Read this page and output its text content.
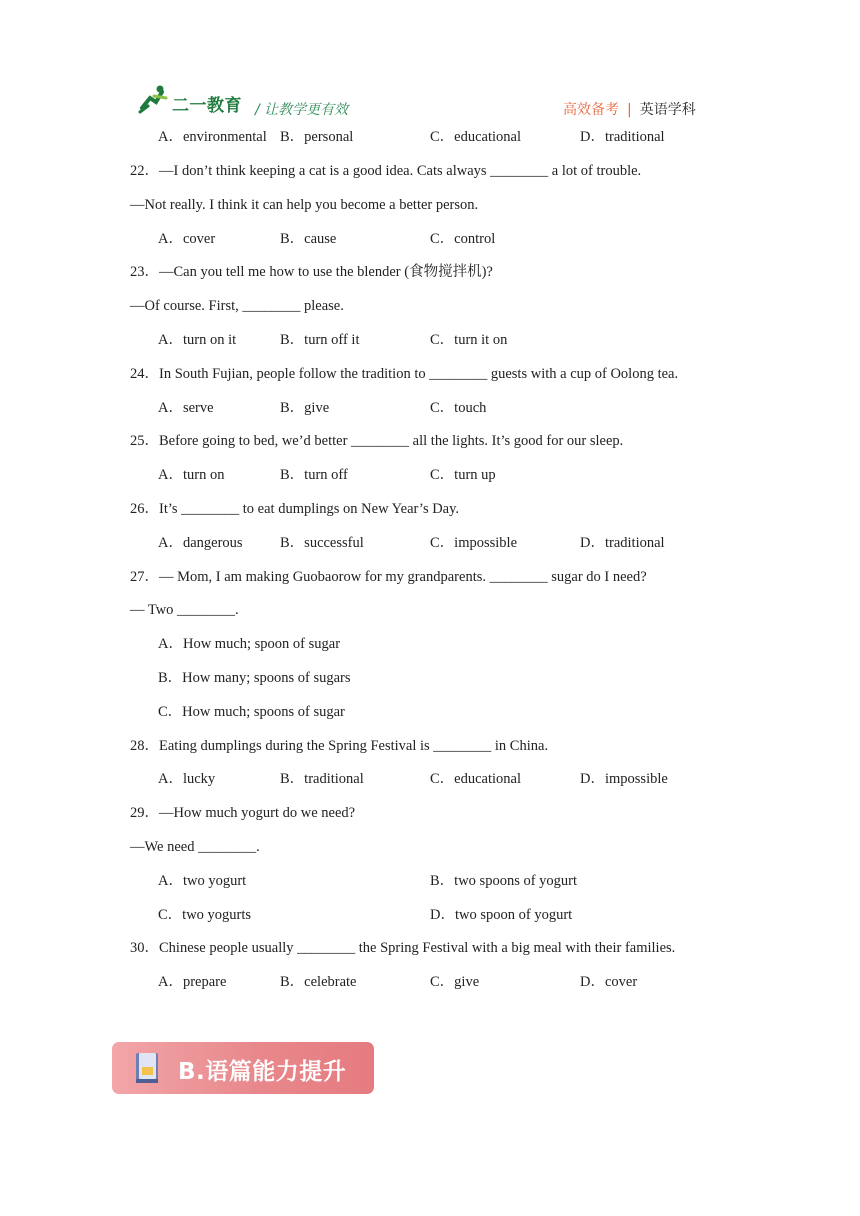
二一教育 / 让教学更有效	高效备考 | 英语学科
A．environmental B．personal	C．educational	D．traditional
22．—I don’t think keeping a cat is a good idea. Cats always ________ a lot of trouble.
—Not really. I think it can help you become a better person.
A．cover	B．cause	C．control
23．—Can you tell me how to use the blender (食物搅拌机)?
—Of course. First, ________ please.
A．turn on it	B．turn off it	C．turn it on
24．In South Fujian, people follow the tradition to ________ guests with a cup of Oolong tea.
A．serve	B．give	C．touch
25．Before going to bed, we’d better ________ all the lights. It’s good for our sleep.
A．turn on	B．turn off	C．turn up
26．It’s ________ to eat dumplings on New Year’s Day.
A．dangerous	B．successful	C．impossible	D．traditional
27．— Mom, I am making Guobaorow for my grandparents. ________ sugar do I need?
— Two ________.
A．How much; spoon of sugar
B．How many; spoons of sugars
C．How much; spoons of sugar
28．Eating dumplings during the Spring Festival is ________ in China.
A．lucky	B．traditional	C．educational	D．impossible
29．—How much yogurt do we need?
—We need ________.
A．two yogurt	B．two spoons of yogurt
C．two yogurts	D．two spoon of yogurt
30．Chinese people usually ________ the Spring Festival with a big meal with their families.
A．prepare	B．celebrate	C．give	D．cover
B.语篇能力提升
